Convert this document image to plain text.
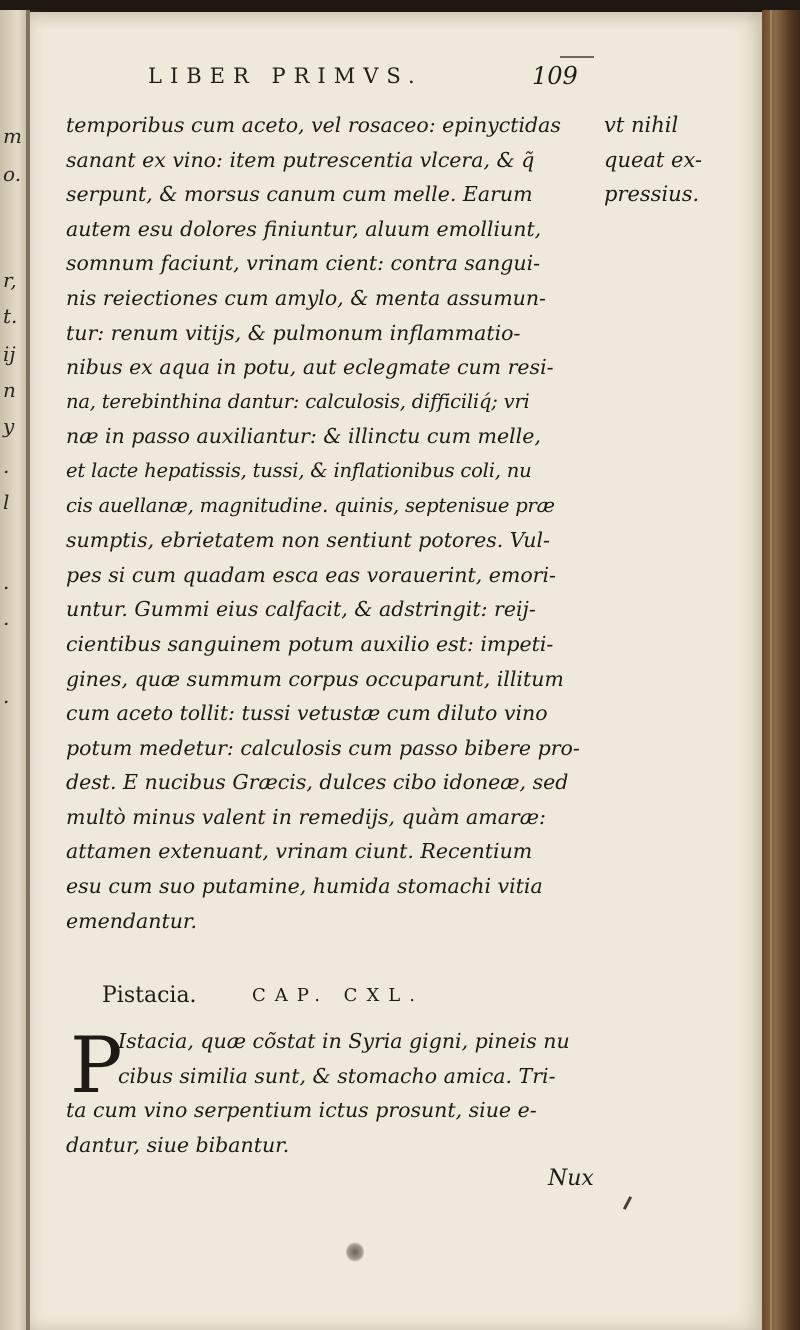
m
o.
r,
t.
ij
n
y
.
l
.
.
.
LIBER PRIMVS.	109
temporibus cum aceto, vel rosaceo: epinyctidas
sanant ex vino: item putrescentia vlcera, & q̃
serpunt, & morsus canum cum melle. Earum
autem esu dolores finiuntur, aluum emolliunt,
somnum faciunt, vrinam cient: contra sangui-
nis reiectiones cum amylo, & menta assumun-
tur: renum vitijs, & pulmonum inflammatio-
nibus ex aqua in potu, aut eclegmate cum resi-
na, terebinthina dantur: calculosis, difficiliq́; vri
næ in passo auxiliantur: & illinctu cum melle,
et lacte hepatissis, tussi, & inflationibus coli, nu
cis auellanæ, magnitudine. quinis, septenisue præ
sumptis, ebrietatem non sentiunt potores. Vul-
pes si cum quadam esca eas vorauerint, emori-
untur. Gummi eius calfacit, & adstringit: reij-
cientibus sanguinem potum auxilio est: impeti-
gines, quæ summum corpus occuparunt, illitum
cum aceto tollit: tussi vetustæ cum diluto vino
potum medetur: calculosis cum passo bibere pro-
dest. E nucibus Græcis, dulces cibo idoneæ, sed
multò minus valent in remedijs, quàm amaræ:
attamen extenuant, vrinam ciunt. Recentium
esu cum suo putamine, humida stomachi vitia
emendantur.
vt nihil
queat ex-
pressius.
Pistacia.	CAP. CXL.
P
Istacia, quæ cõstat in Syria gigni, pineis nu
cibus similia sunt, & stomacho amica. Tri-
ta cum vino serpentium ictus prosunt, siue e-
dantur, siue bibantur.
Nux
